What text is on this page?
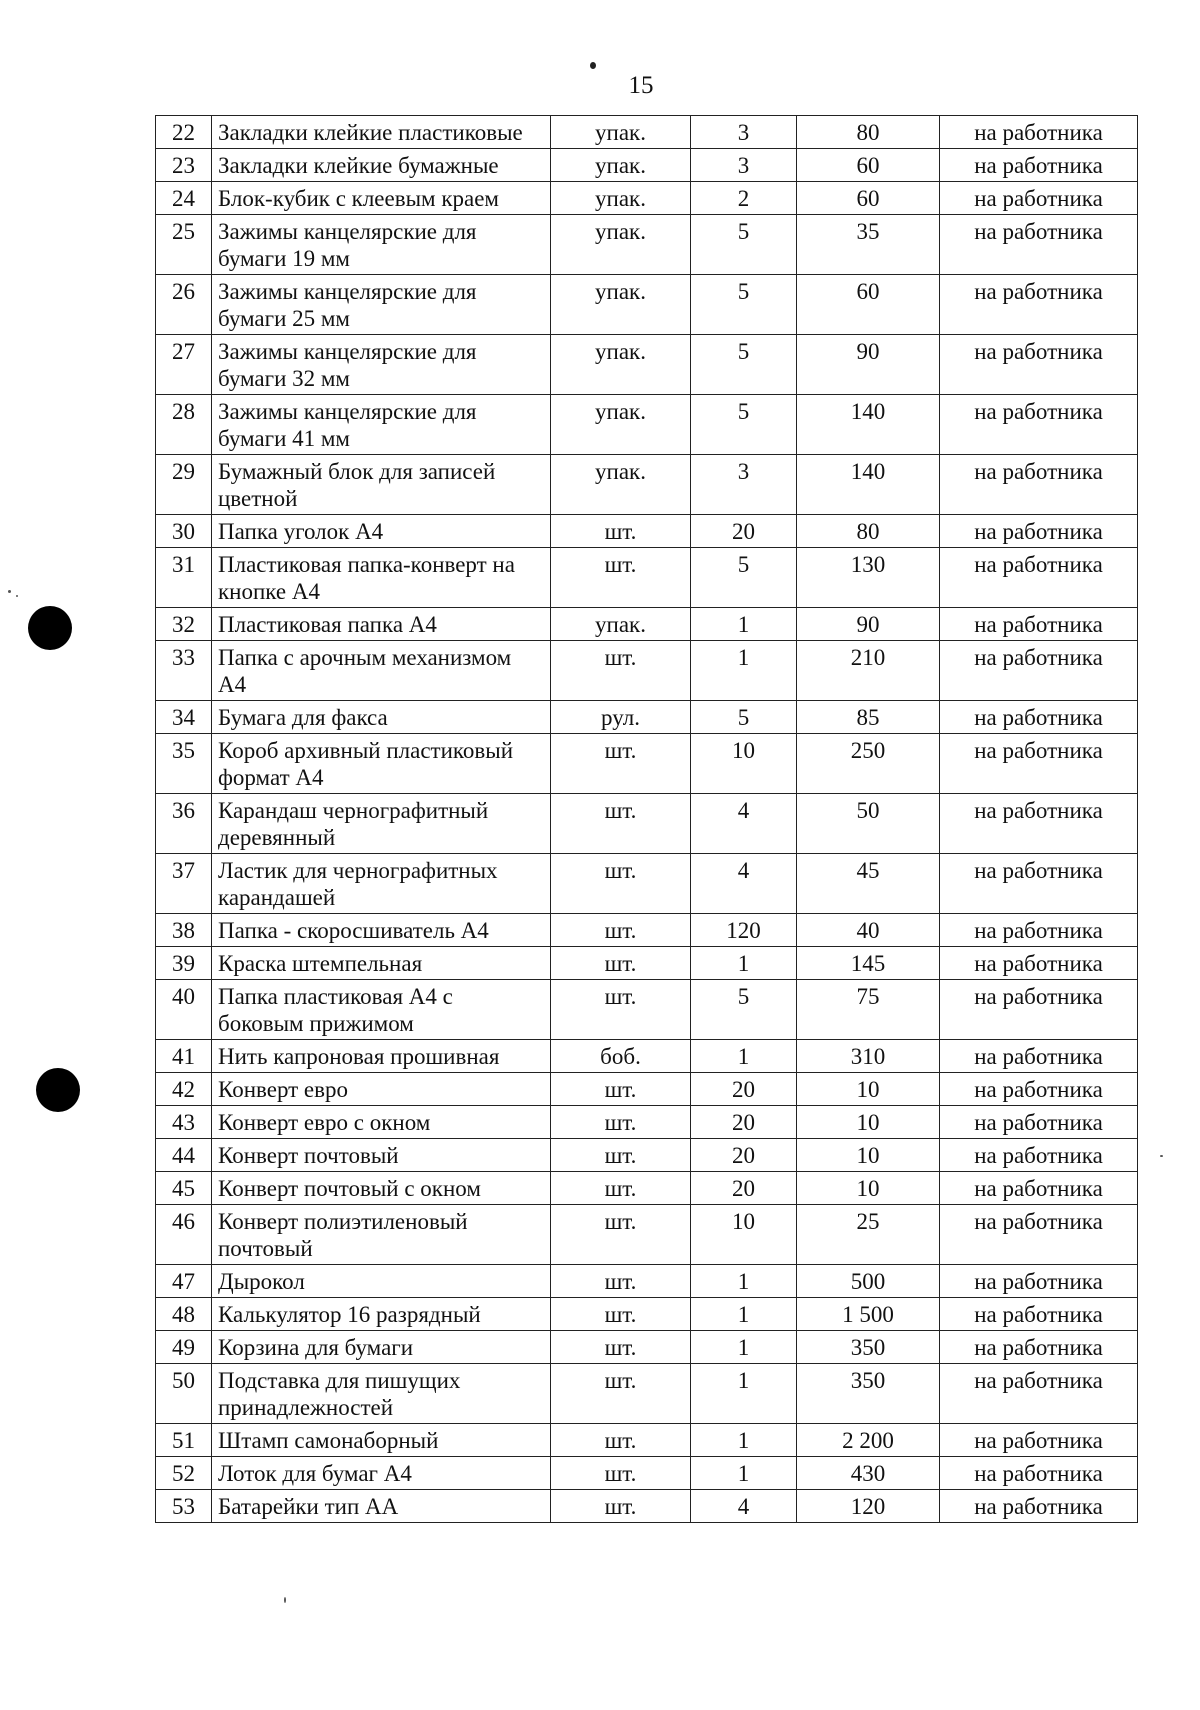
15
22	Закладки клейкие пластиковые	упак.	3	80	на работника
23	Закладки клейкие бумажные	упак.	3	60	на работника
24	Блок-кубик с клеевым краем	упак.	2	60	на работника
25	Зажимы канцелярские для бумаги 19 мм	упак.	5	35	на работника
26	Зажимы канцелярские для бумаги 25 мм	упак.	5	60	на работника
27	Зажимы канцелярские для бумаги 32 мм	упак.	5	90	на работника
28	Зажимы канцелярские для бумаги 41 мм	упак.	5	140	на работника
29	Бумажный блок для записей цветной	упак.	3	140	на работника
30	Папка уголок А4	шт.	20	80	на работника
31	Пластиковая папка-конверт на кнопке А4	шт.	5	130	на работника
32	Пластиковая папка А4	упак.	1	90	на работника
33	Папка с арочным механизмом А4	шт.	1	210	на работника
34	Бумага для факса	рул.	5	85	на работника
35	Короб архивный пластиковый формат А4	шт.	10	250	на работника
36	Карандаш чернографитный деревянный	шт.	4	50	на работника
37	Ластик для чернографитных карандашей	шт.	4	45	на работника
38	Папка - скоросшиватель А4	шт.	120	40	на работника
39	Краска штемпельная	шт.	1	145	на работника
40	Папка пластиковая А4 с боковым прижимом	шт.	5	75	на работника
41	Нить капроновая прошивная	боб.	1	310	на работника
42	Конверт евро	шт.	20	10	на работника
43	Конверт евро с окном	шт.	20	10	на работника
44	Конверт почтовый	шт.	20	10	на работника
45	Конверт почтовый с окном	шт.	20	10	на работника
46	Конверт полиэтиленовый почтовый	шт.	10	25	на работника
47	Дырокол	шт.	1	500	на работника
48	Калькулятор 16 разрядный	шт.	1	1 500	на работника
49	Корзина для бумаги	шт.	1	350	на работника
50	Подставка для пишущих принадлежностей	шт.	1	350	на работника
51	Штамп самонаборный	шт.	1	2 200	на работника
52	Лоток для бумаг А4	шт.	1	430	на работника
53	Батарейки тип АА	шт.	4	120	на работника
